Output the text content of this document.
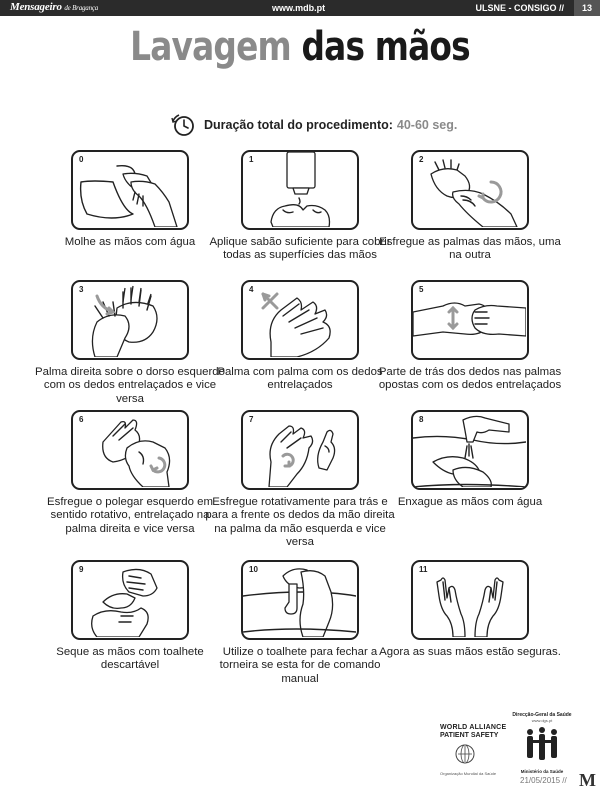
Mensageiro de Bragança	www.mdb.pt	ULSNE - CONSIGO //	13
Lavagem das mãos
Duração total do procedimento: 40-60 seg.
0
Molhe as mãos com água
1
Aplique sabão suficiente para cobrir todas as superfícies das mãos
2
Esfregue as palmas das mãos, uma na outra
3
Palma direita sobre o dorso esquerdo com os dedos entrelaçados e vice versa
4
Palma com palma com os dedos entrelaçados
5
Parte de trás dos dedos nas palmas opostas com os dedos entrelaçados
6
Esfregue o polegar esquerdo em sentido rotativo, entrelaçado na palma direita e vice versa
7
Esfregue rotativamente para trás e para a frente os dedos da mão direita na palma da mão esquerda e vice versa
8
Enxague as mãos com água
9
Seque as mãos com toalhete descartável
10
Utilize o toalhete para fechar a torneira se esta for de comando manual
11
Agora as suas mãos estão seguras.
WORLD ALLIANCE
PATIENT SAFETY
Organização Mundial da Saúde
Direcção-Geral da Saúde
www.dgs.pt
Ministério da Saúde
21/05/2015 // M
